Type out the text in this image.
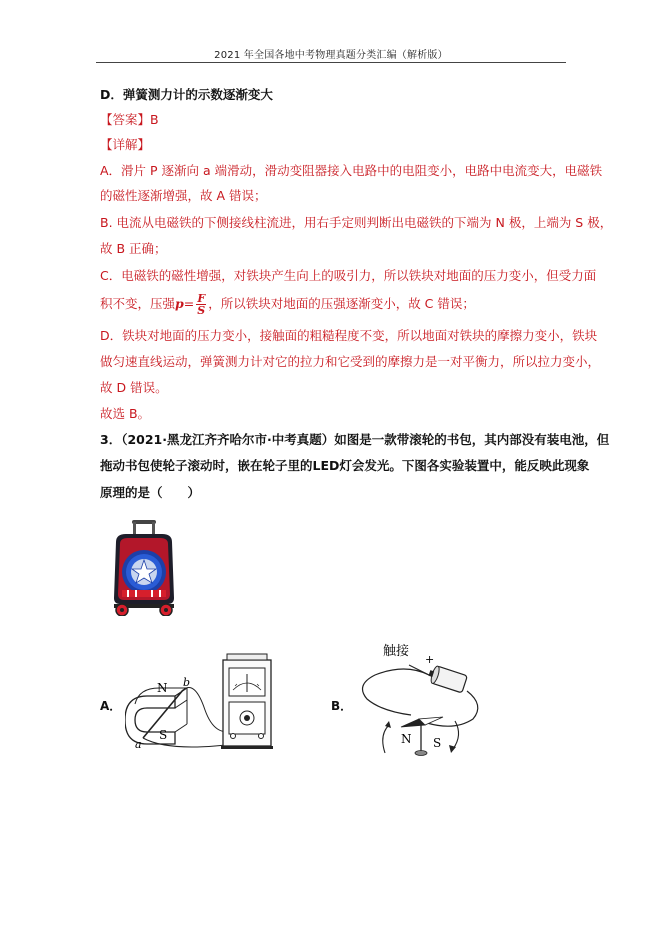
2021 年全国各地中考物理真题分类汇编（解析版）
D．弹簧测力计的示数逐渐变大
【答案】B
【详解】
A．滑片 P 逐渐向 a 端滑动，滑动变阻器接入电路中的电阻变小，电路中电流变大，电磁铁
的磁性逐渐增强，故 A 错误；
B. 电流从电磁铁的下侧接线柱流进，用右手定则判断出电磁铁的下端为 N 极，上端为 S 极，
故 B 正确；
C．电磁铁的磁性增强，对铁块产生向上的吸引力，所以铁块对地面的压力变小，但受力面
积不变，压强$p= \frac{F}{S}$ ，所以铁块对地面的压强逐渐变小，故 C 错误；
D．铁块对地面的压力变小，接触面的粗糙程度不变，所以地面对铁块的摩擦力变小，铁块
做匀速直线运动，弹簧测力计对它的拉力和它受到的摩擦力是一对平衡力，所以拉力变小，
故 D 错误。
故选 B。
3．（2021·黑龙江齐齐哈尔市·中考真题）如图是一款带滚轮的书包，其内部没有装电池，但
拖动书包使轮子滚动时，嵌在轮子里的LED灯会发光。下图各实验装置中，能反映此现象
原理的是（　　）
A．
N
S
a
b
B．
触接
+
N S
